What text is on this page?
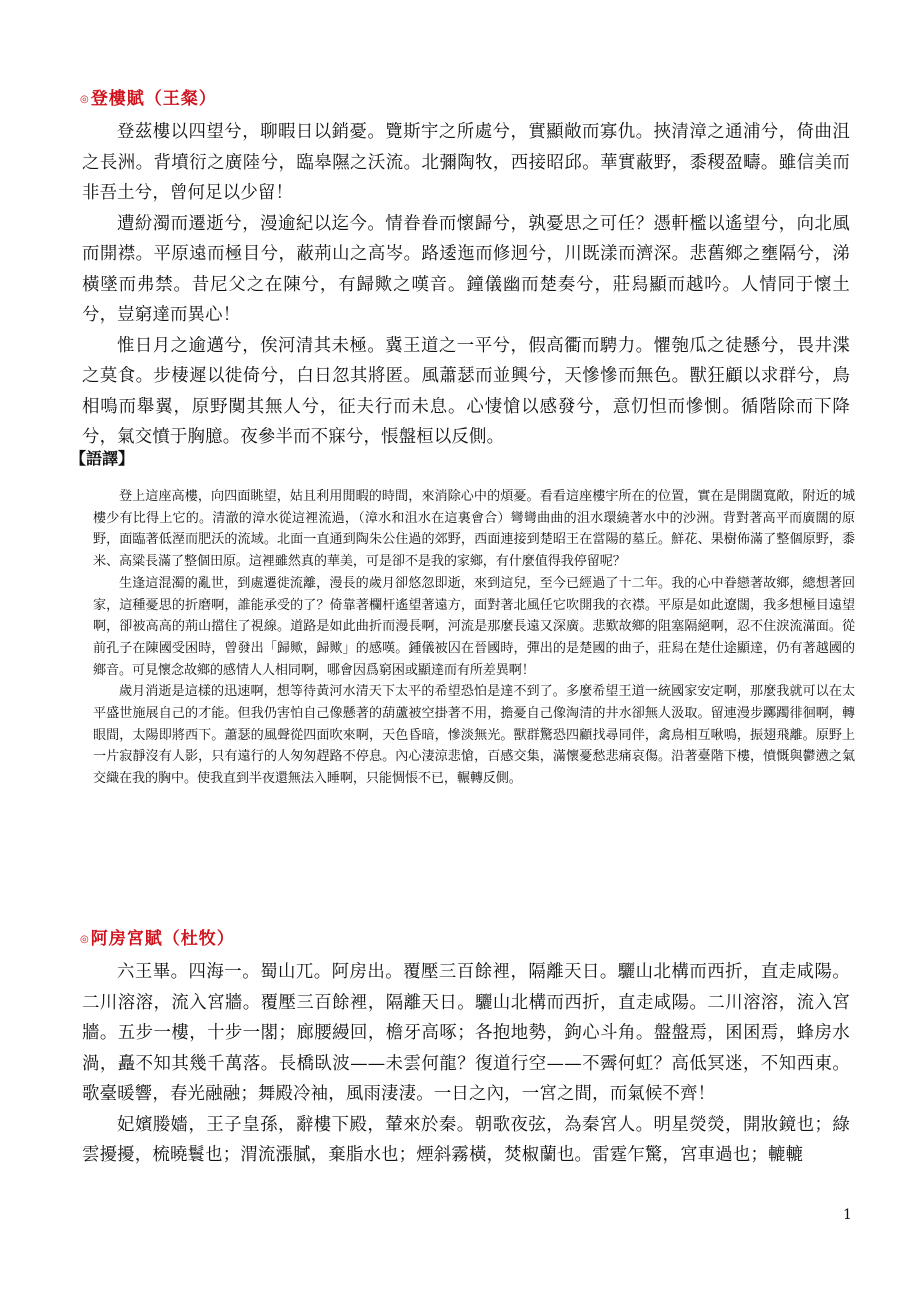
◎登樓賦（王粲）

登茲樓以四望兮，聊暇日以銷憂。覽斯宇之所處兮，實顯敞而寡仇。挾清漳之通浦兮，倚曲沮之長洲。背墳衍之廣陸兮，臨皋隰之沃流。北彌陶牧，西接昭邱。華實蔽野，黍稷盈疇。雖信美而非吾土兮，曾何足以少留！

遭紛濁而遷逝兮，漫逾紀以迄今。情眷眷而懷歸兮，孰憂思之可任？憑軒檻以遙望兮，向北風而開襟。平原遠而極目兮，蔽荊山之高岑。路逶迤而修迥兮，川既漾而濟深。悲舊鄉之壅隔兮，涕橫墜而弗禁。昔尼父之在陳兮，有歸歟之嘆音。鐘儀幽而楚奏兮，莊舄顯而越吟。人情同于懷土兮，豈窮達而異心！

惟日月之逾邁兮，俟河清其未極。冀王道之一平兮，假高衢而騁力。懼匏瓜之徒懸兮，畏井渫之莫食。步棲遲以徙倚兮，白日忽其將匿。風蕭瑟而並興兮，天慘慘而無色。獸狂顧以求群兮，鳥相鳴而舉翼，原野闃其無人兮，征夫行而未息。心悽愴以感發兮，意忉怛而慘惻。循階除而下降兮，氣交憤于胸臆。夜參半而不寐兮，悵盤桓以反側。

【語譯】

登上這座高樓，向四面眺望，姑且利用閒暇的時間，來消除心中的煩憂。看看這座樓宇所在的位置，實在是開闊寬敞，附近的城樓少有比得上它的。清澈的漳水從這裡流過，（漳水和沮水在這裏會合）彎彎曲曲的沮水環繞著水中的沙洲。背對著高平而廣闊的原野，面臨著低溼而肥沃的流域。北面一直通到陶朱公住過的郊野，西面連接到楚昭王在當陽的墓丘。鮮花、果樹佈滿了整個原野，黍米、高粱長滿了整個田原。這裡雖然真的華美，可是卻不是我的家鄉，有什麼值得我停留呢？

生逢這混濁的亂世，到處遷徙流離，漫長的歲月卻悠忽即逝，來到這兒，至今已經過了十二年。我的心中眷戀著故鄉，總想著回家，這種憂思的折磨啊，誰能承受的了？倚靠著欄杆遙望著遠方，面對著北風任它吹開我的衣襟。平原是如此遼闊，我多想極目遠望啊，卻被高高的荊山擋住了視線。道路是如此曲折而漫長啊，河流是那麼長遠又深廣。悲歎故鄉的阻塞隔絕啊，忍不住淚流滿面。從前孔子在陳國受困時，曾發出「歸歟，歸歟」的感嘆。鍾儀被囚在晉國時，彈出的是楚國的曲子，莊舄在楚仕途顯達，仍有著越國的鄉音。可見懷念故鄉的感情人人相同啊，哪會因爲窮困或顯達而有所差異啊！

歲月消逝是這樣的迅速啊，想等待黃河水清天下太平的希望恐怕是達不到了。多麼希望王道一統國家安定啊，那麼我就可以在太平盛世施展自己的才能。但我仍害怕自己像懸著的葫蘆被空掛著不用，擔憂自己像淘清的井水卻無人汲取。留連漫步躑躅徘徊啊，轉眼間，太陽即將西下。蕭瑟的風聲從四面吹來啊，天色昏暗，慘淡無光。獸群驚恐四顧找尋同伴，禽鳥相互啾鳴，振翅飛離。原野上一片寂靜沒有人影，只有遠行的人匆匆趕路不停息。內心淒涼悲愴，百感交集，滿懷憂愁悲痛哀傷。沿著臺階下樓，憤慨與鬱懑之氣交織在我的胸中。使我直到半夜還無法入睡啊，只能惆悵不已，輾轉反側。

◎阿房宮賦（杜牧）

六王畢。四海一。蜀山兀。阿房出。覆壓三百餘裡，隔離天日。驪山北構而西折，直走咸陽。二川溶溶，流入宮牆。覆壓三百餘裡，隔離天日。驪山北構而西折，直走咸陽。二川溶溶，流入宮牆。五步一樓，十步一閣；廊腰縵回，檐牙高啄；各抱地勢，鉤心斗角。盤盤焉，囷囷焉，蜂房水渦，矗不知其幾千萬落。長橋臥波——未雲何龍？復道行空——不霽何虹？高低冥迷，不知西東。 歌臺暖響，春光融融；舞殿冷袖，風雨淒淒。一日之內，一宮之間，而氣候不齊！

妃嬪媵嬙，王子皇孫，辭樓下殿，輦來於秦。朝歌夜弦，為秦宮人。明星熒熒，開妝鏡也；綠雲擾擾，梳曉鬟也；渭流漲膩，棄脂水也；煙斜霧橫，焚椒蘭也。雷霆乍驚，宮車過也；轆轆

1
